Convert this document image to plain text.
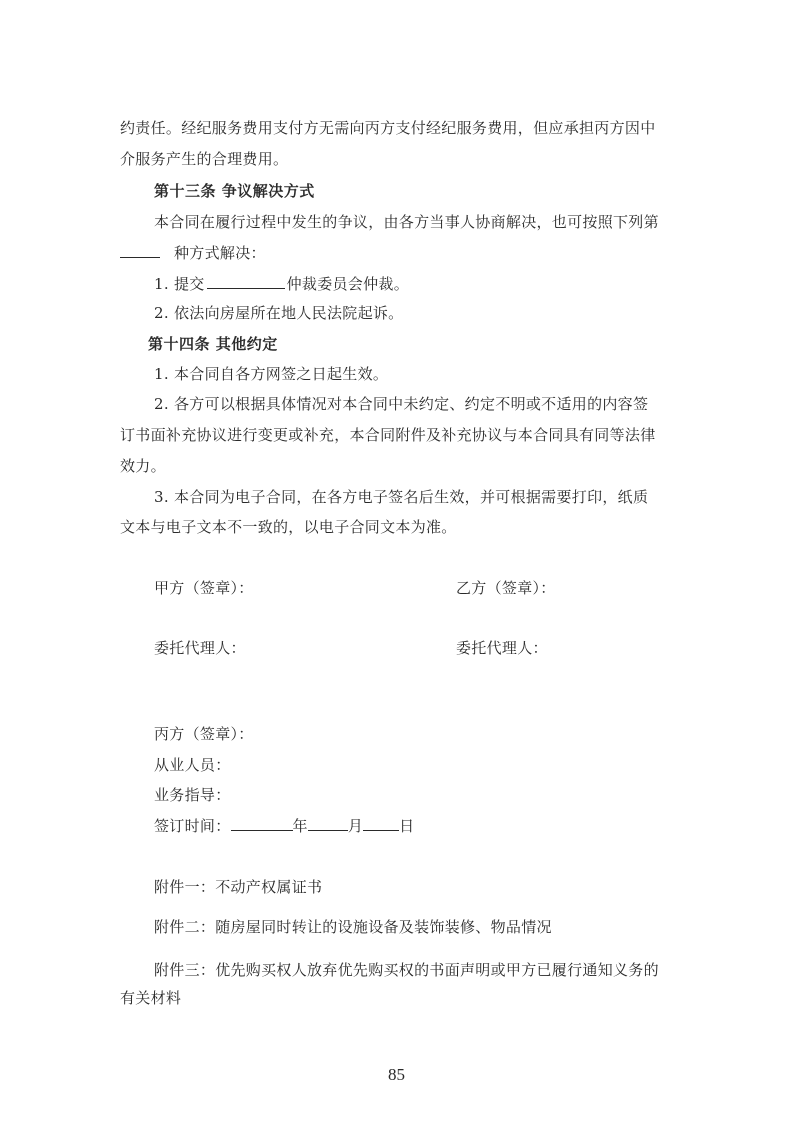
约责任。经纪服务费用支付方无需向丙方支付经纪服务费用，但应承担丙方因中
介服务产生的合理费用。
第十三条 争议解决方式
本合同在履行过程中发生的争议，由各方当事人协商解决，也可按照下列第
种方式解决：
1. 提交	仲裁委员会仲裁。
2. 依法向房屋所在地人民法院起诉。
第十四条 其他约定
1. 本合同自各方网签之日起生效。
2. 各方可以根据具体情况对本合同中未约定、约定不明或不适用的内容签
订书面补充协议进行变更或补充，本合同附件及补充协议与本合同具有同等法律
效力。
3. 本合同为电子合同，在各方电子签名后生效，并可根据需要打印，纸质
文本与电子文本不一致的，以电子合同文本为准。
甲方（签章）：	乙方（签章）：
委托代理人：	委托代理人：
丙方（签章）：
从业人员：
业务指导：
签订时间：	年	月 日
附件一：不动产权属证书
附件二：随房屋同时转让的设施设备及装饰装修、物品情况
附件三：优先购买权人放弃优先购买权的书面声明或甲方已履行通知义务的
有关材料
85
